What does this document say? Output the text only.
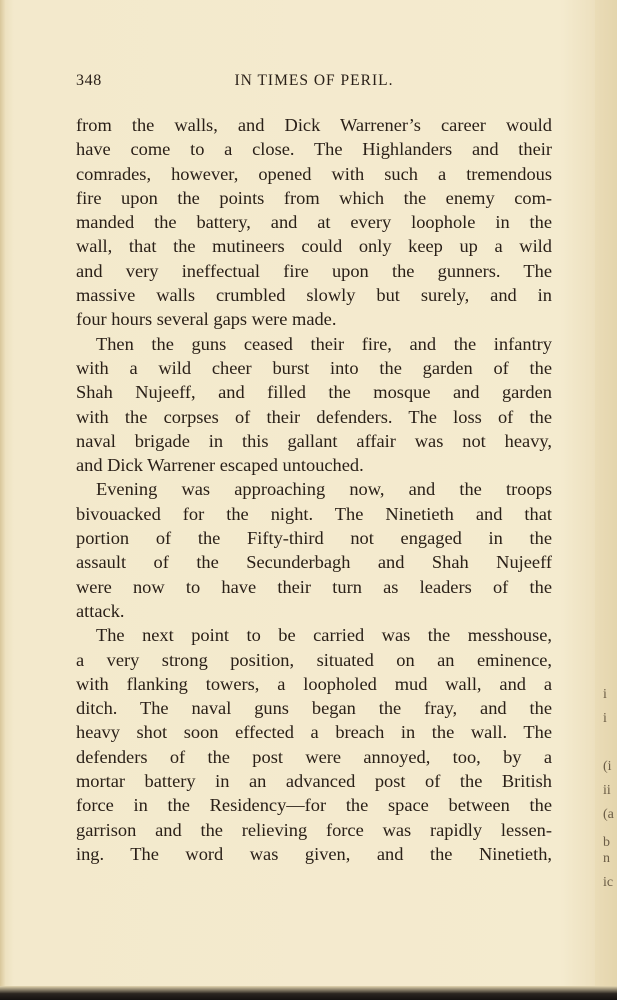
i
i
(i
ii
(a
b
n
ic
348	IN TIMES OF PERIL.
from the walls, and Dick Warrener’s career would
have come to a close. The Highlanders and their
comrades, however, opened with such a tremendous
fire upon the points from which the enemy com-
manded the battery, and at every loophole in the
wall, that the mutineers could only keep up a wild
and very ineffectual fire upon the gunners. The
massive walls crumbled slowly but surely, and in
four hours several gaps were made.
Then the guns ceased their fire, and the infantry
with a wild cheer burst into the garden of the
Shah Nujeeff, and filled the mosque and garden
with the corpses of their defenders. The loss of the
naval brigade in this gallant affair was not heavy,
and Dick Warrener escaped untouched.
Evening was approaching now, and the troops
bivouacked for the night. The Ninetieth and that
portion of the Fifty-third not engaged in the
assault of the Secunderbagh and Shah Nujeeff
were now to have their turn as leaders of the
attack.
The next point to be carried was the messhouse,
a very strong position, situated on an eminence,
with flanking towers, a loopholed mud wall, and a
ditch. The naval guns began the fray, and the
heavy shot soon effected a breach in the wall. The
defenders of the post were annoyed, too, by a
mortar battery in an advanced post of the British
force in the Residency—for the space between the
garrison and the relieving force was rapidly lessen-
ing. The word was given, and the Ninetieth,
